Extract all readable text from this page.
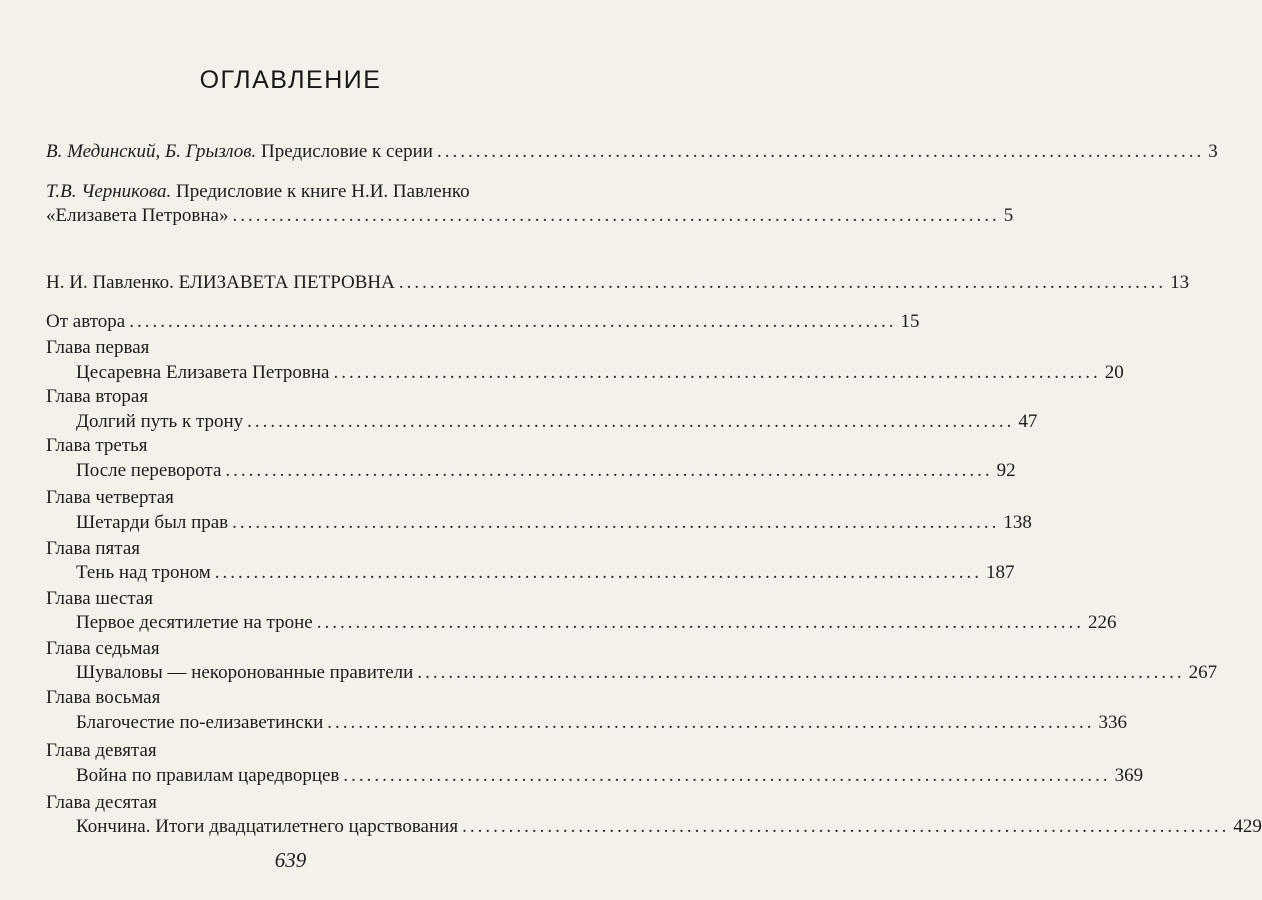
ОГЛАВЛЕНИЕ
В. Мединский, Б. Грызлов. Предисловие к серии ................................................................................................... 3
Т.В. Черникова. Предисловие к книге Н.И. Павленко
«Елизавета Петровна» ................................................................................................... 5
Н. И. Павленко. ЕЛИЗАВЕТА ПЕТРОВНА ................................................................................................... 13
От автора ................................................................................................... 15
Глава первая
Цесаревна Елизавета Петровна ................................................................................................... 20
Глава вторая
Долгий путь к трону ................................................................................................... 47
Глава третья
После переворота ................................................................................................... 92
Глава четвертая
Шетарди был прав ................................................................................................... 138
Глава пятая
Тень над троном ................................................................................................... 187
Глава шестая
Первое десятилетие на троне ................................................................................................... 226
Глава седьмая
Шуваловы — некоронованные правители ................................................................................................... 267
Глава восьмая
Благочестие по-елизаветински ................................................................................................... 336
Глава девятая
Война по правилам царедворцев ................................................................................................... 369
Глава десятая
Кончина. Итоги двадцатилетнего царствования ................................................................................................... 429
639
